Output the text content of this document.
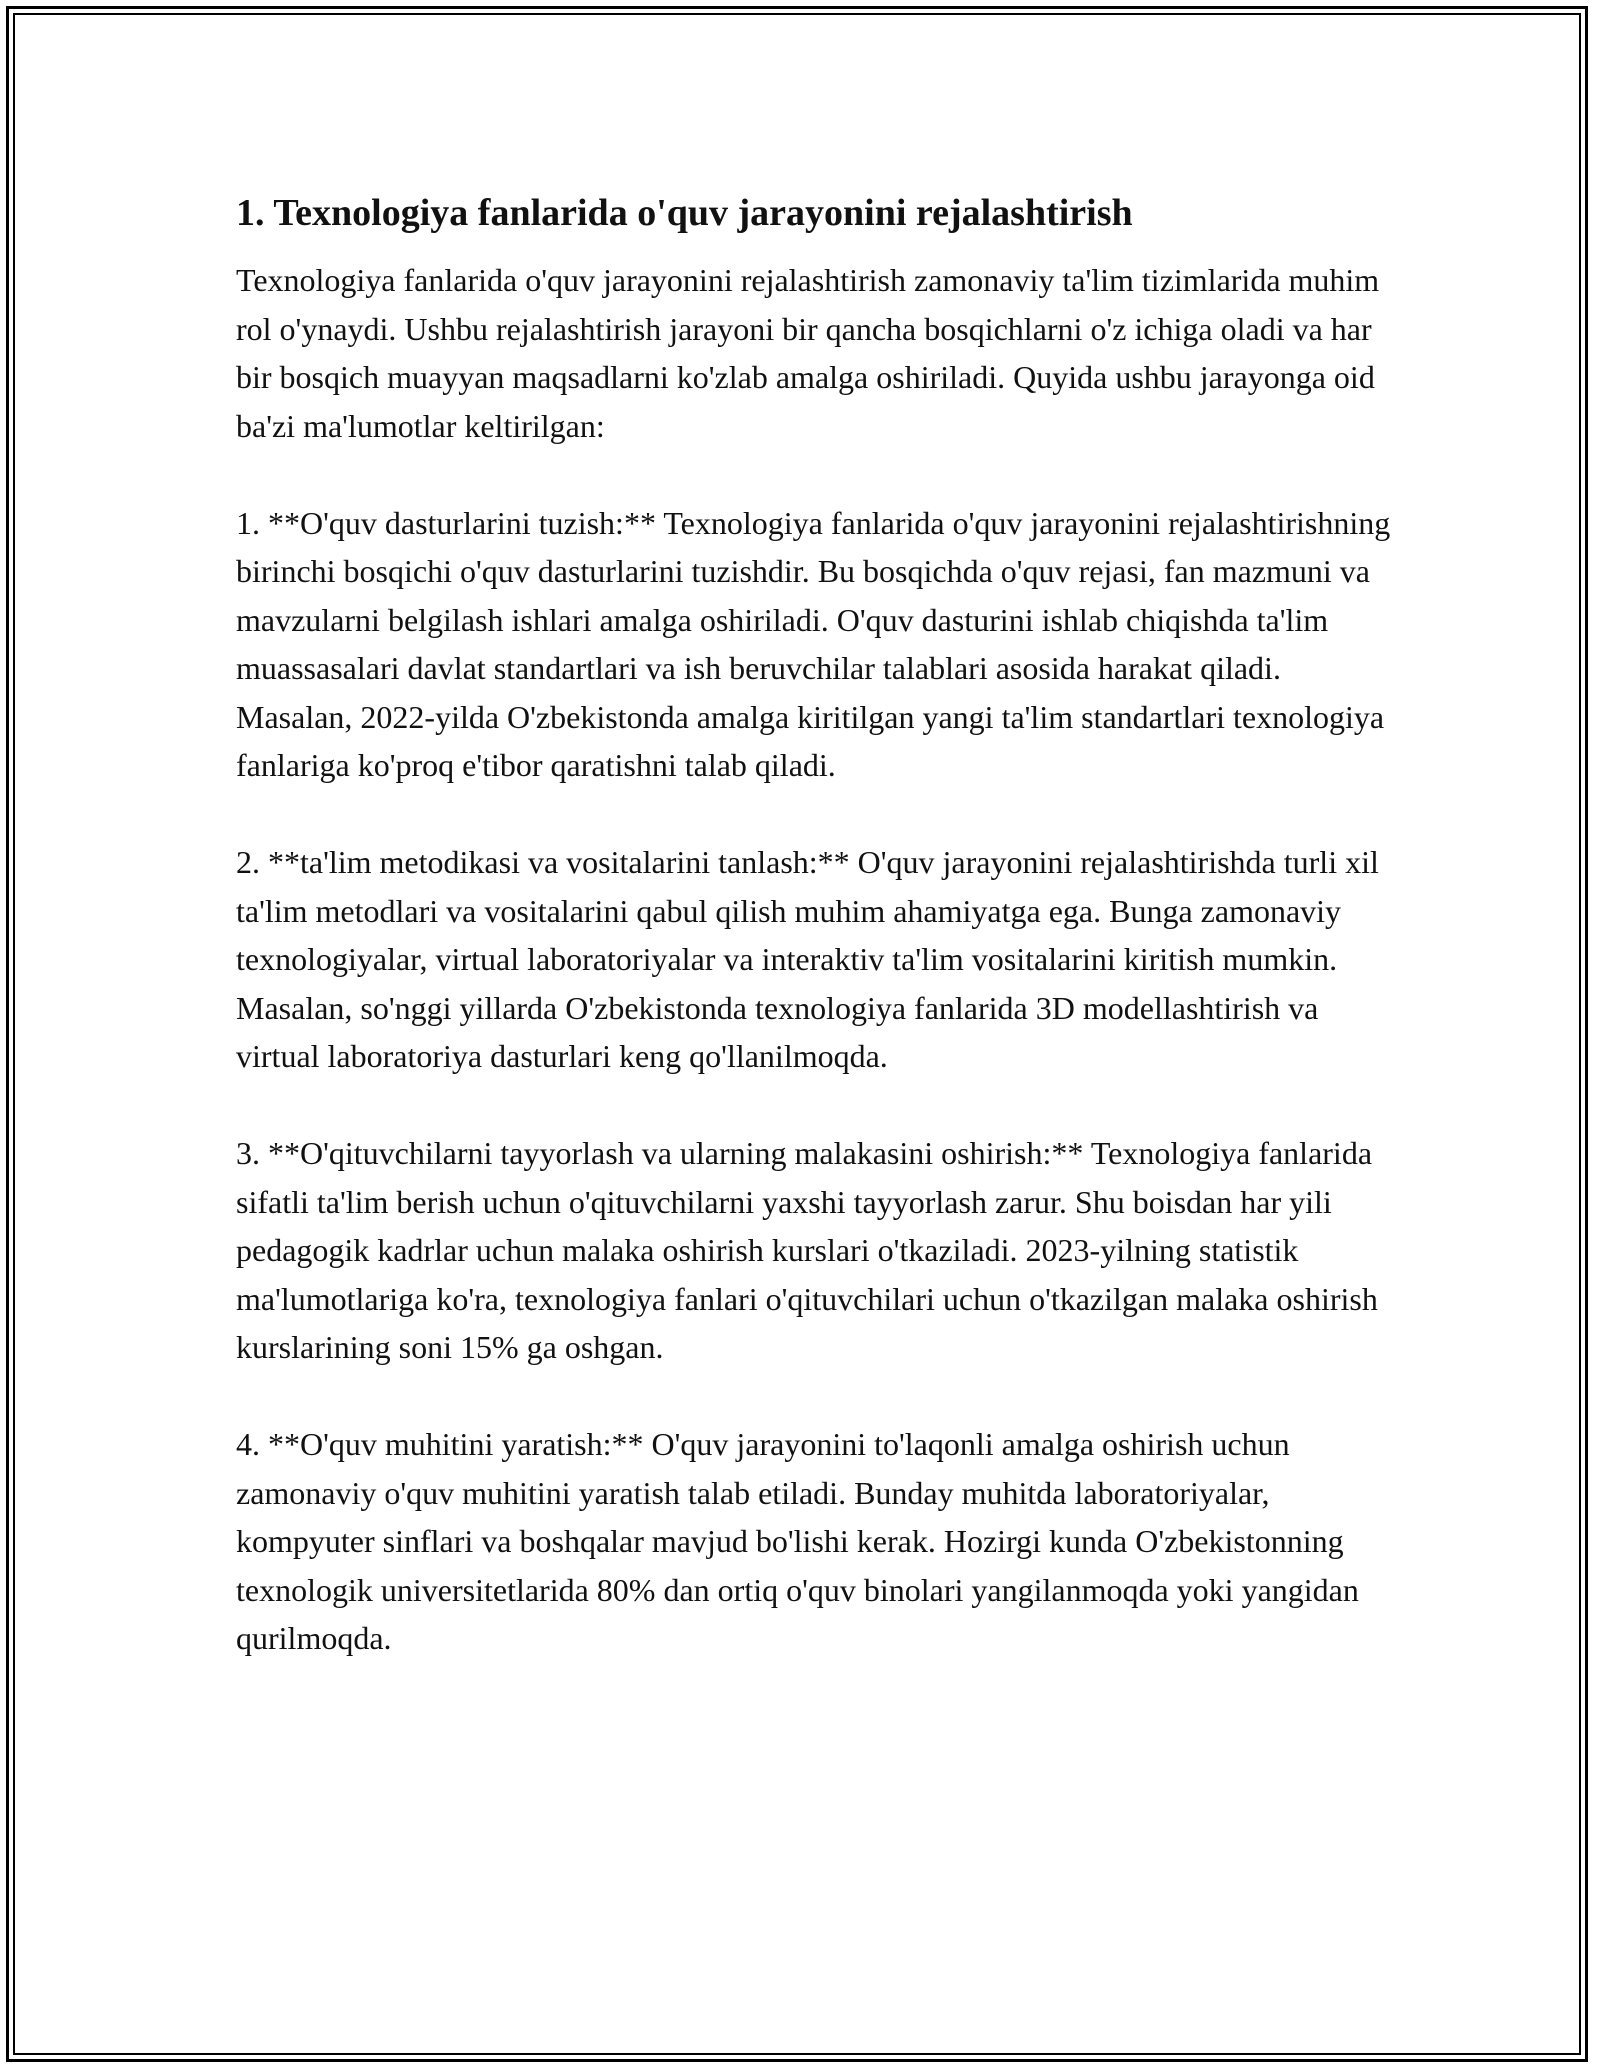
1. Texnologiya fanlarida o'quv jarayonini rejalashtirish

Texnologiya fanlarida o'quv jarayonini rejalashtirish zamonaviy ta'lim tizimlarida muhim rol o'ynaydi. Ushbu rejalashtirish jarayoni bir qancha bosqichlarni o'z ichiga oladi va har bir bosqich muayyan maqsadlarni ko'zlab amalga oshiriladi. Quyida ushbu jarayonga oid ba'zi ma'lumotlar keltirilgan:

1. **O'quv dasturlarini tuzish:** Texnologiya fanlarida o'quv jarayonini rejalashtirishning birinchi bosqichi o'quv dasturlarini tuzishdir. Bu bosqichda o'quv rejasi, fan mazmuni va mavzularni belgilash ishlari amalga oshiriladi. O'quv dasturini ishlab chiqishda ta'lim muassasalari davlat standartlari va ish beruvchilar talablari asosida harakat qiladi. Masalan, 2022-yilda O'zbekistonda amalga kiritilgan yangi ta'lim standartlari texnologiya fanlariga ko'proq e'tibor qaratishni talab qiladi.

2. **ta'lim metodikasi va vositalarini tanlash:** O'quv jarayonini rejalashtirishda turli xil ta'lim metodlari va vositalarini qabul qilish muhim ahamiyatga ega. Bunga zamonaviy texnologiyalar, virtual laboratoriyalar va interaktiv ta'lim vositalarini kiritish mumkin. Masalan, so'nggi yillarda O'zbekistonda texnologiya fanlarida 3D modellashtirish va virtual laboratoriya dasturlari keng qo'llanilmoqda.

3. **O'qituvchilarni tayyorlash va ularning malakasini oshirish:** Texnologiya fanlarida sifatli ta'lim berish uchun o'qituvchilarni yaxshi tayyorlash zarur. Shu boisdan har yili pedagogik kadrlar uchun malaka oshirish kurslari o'tkaziladi. 2023-yilning statistik ma'lumotlariga ko'ra, texnologiya fanlari o'qituvchilari uchun o'tkazilgan malaka oshirish kurslarining soni 15% ga oshgan.

4. **O'quv muhitini yaratish:** O'quv jarayonini to'laqonli amalga oshirish uchun zamonaviy o'quv muhitini yaratish talab etiladi. Bunday muhitda laboratoriyalar, kompyuter sinflari va boshqalar mavjud bo'lishi kerak. Hozirgi kunda O'zbekistonning texnologik universitetlarida 80% dan ortiq o'quv binolari yangilanmoqda yoki yangidan qurilmoqda.
